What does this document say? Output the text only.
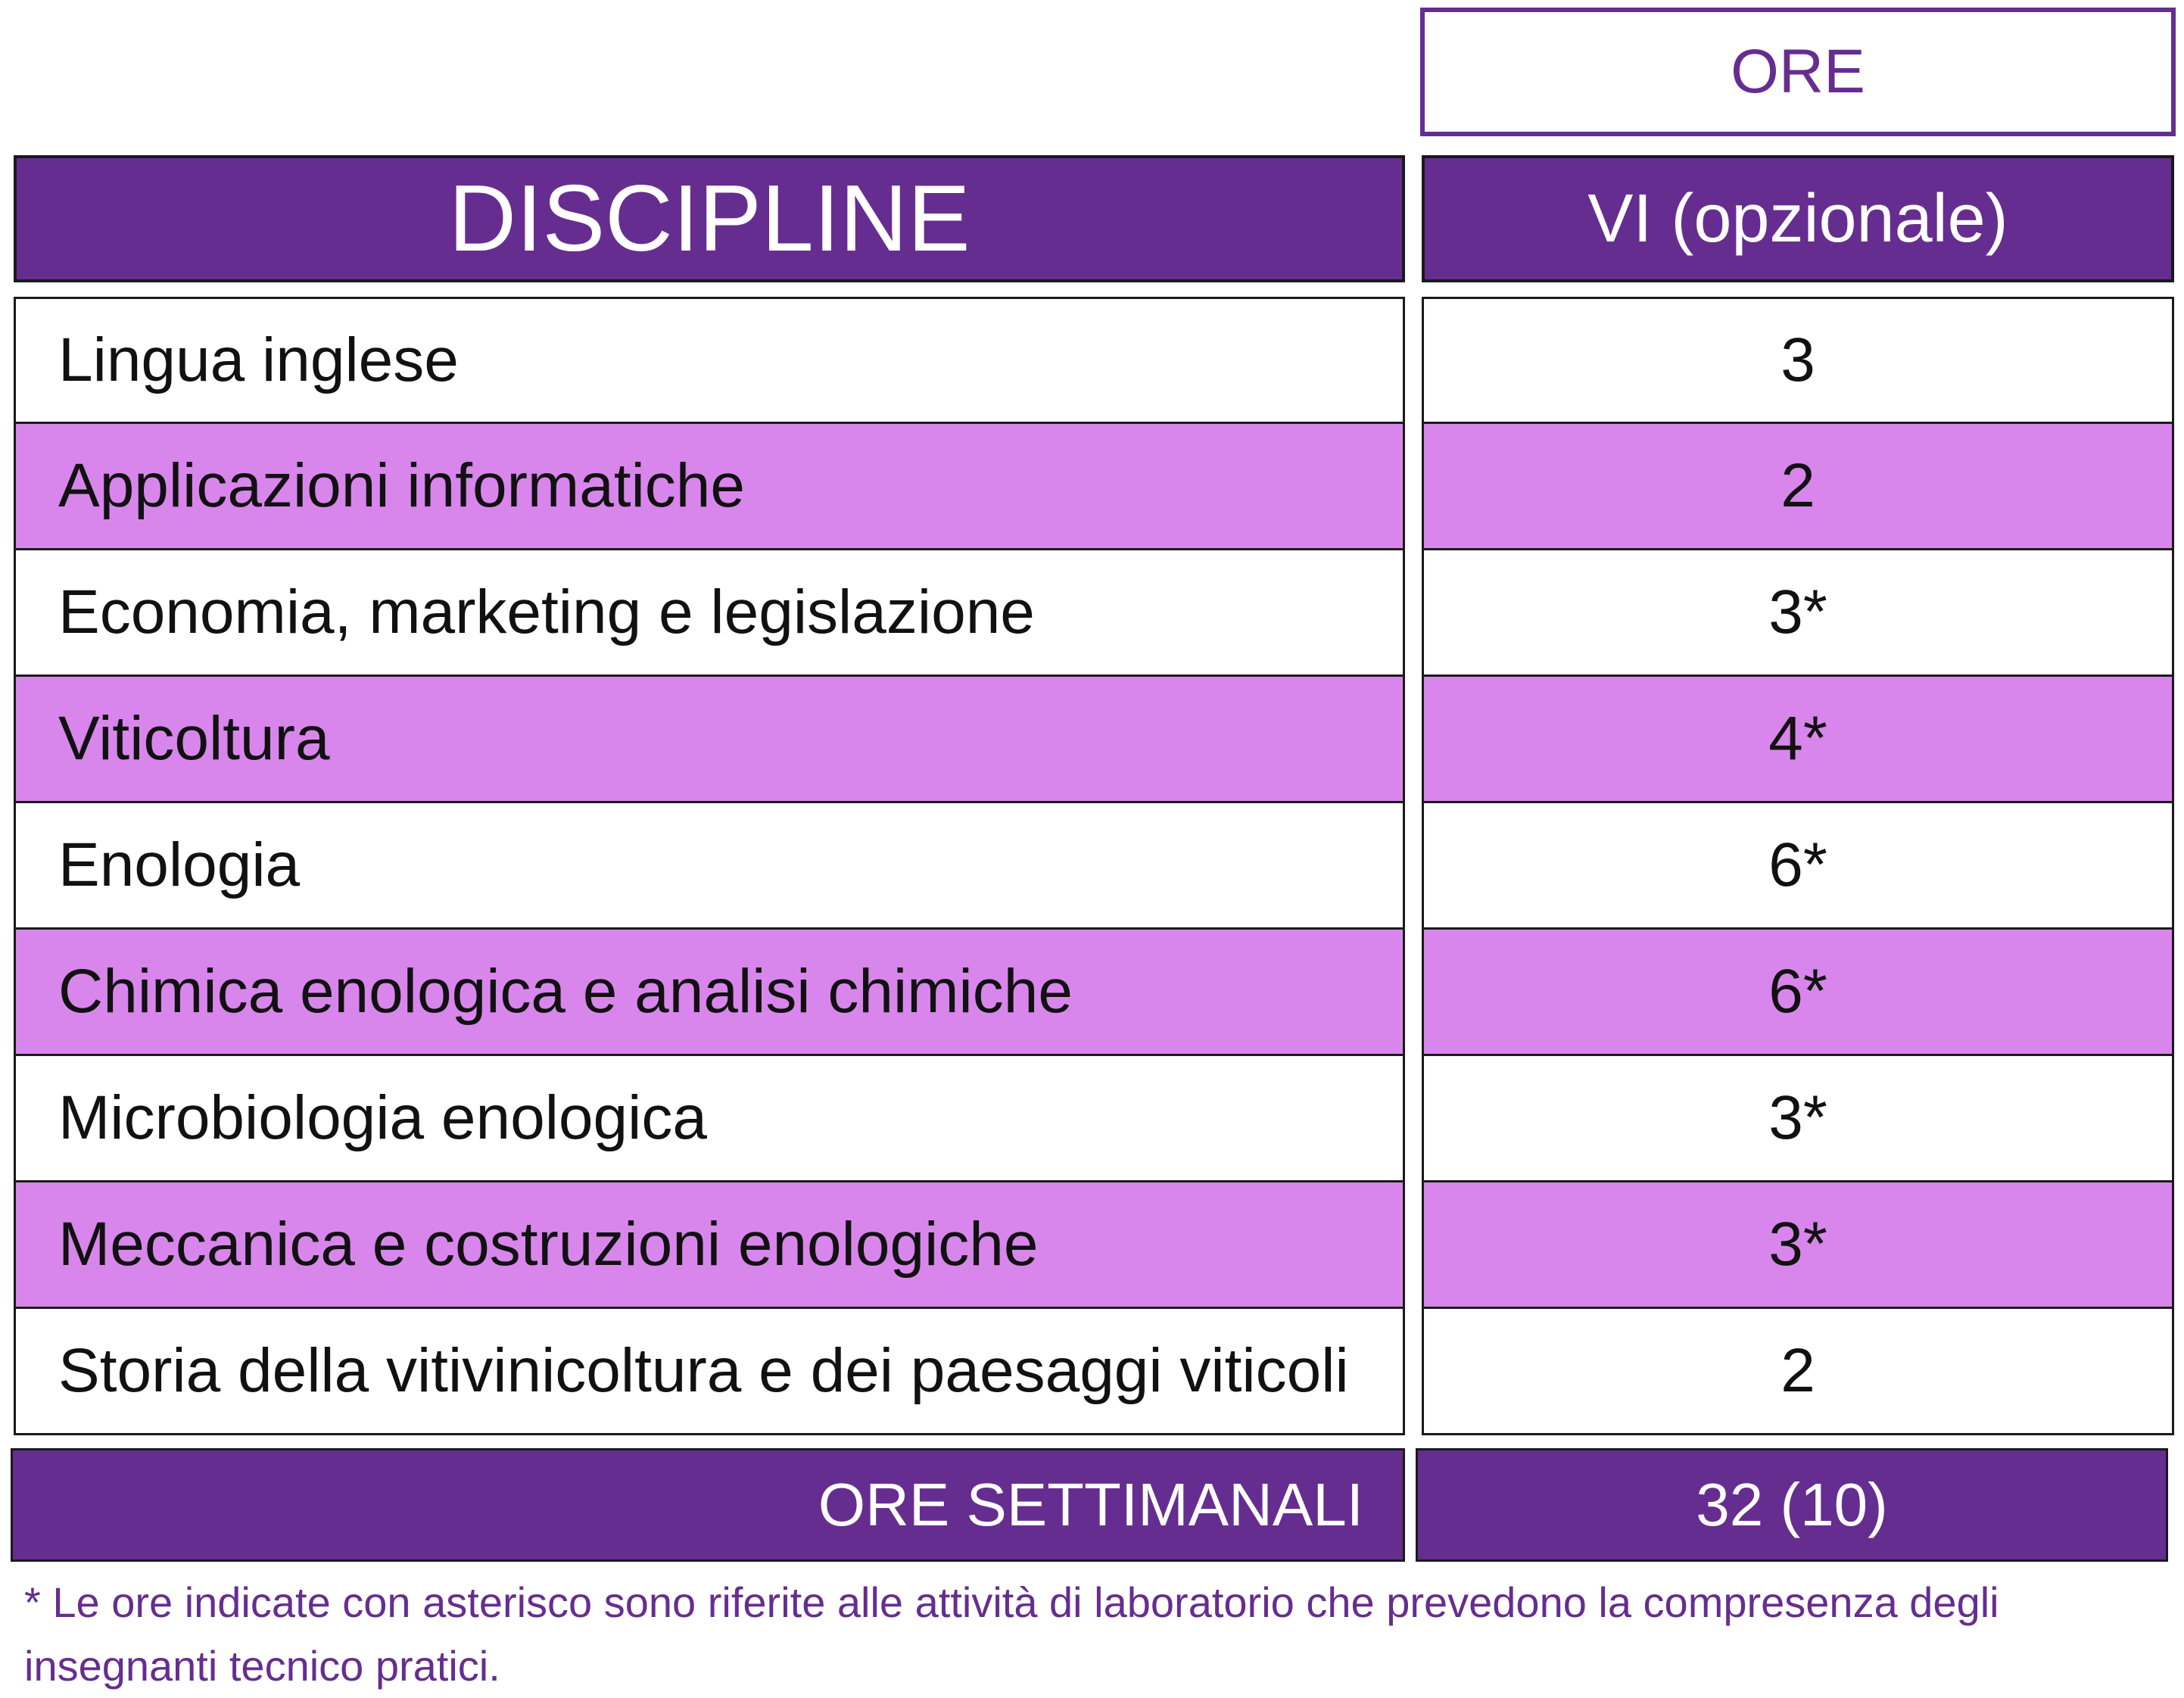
ORE
DISCIPLINE	VI (opzionale)
Lingua inglese	3
Applicazioni informatiche	2
Economia, marketing e legislazione	3*
Viticoltura	4*
Enologia	6*
Chimica enologica e analisi chimiche	6*
Microbiologia enologica	3*
Meccanica e costruzioni enologiche	3*
Storia della vitivinicoltura e dei paesaggi viticoli	2
ORE SETTIMANALI	32 (10)
* Le ore indicate con asterisco sono riferite alle attività di laboratorio che prevedono la compresenza degli insegnanti tecnico pratici.
